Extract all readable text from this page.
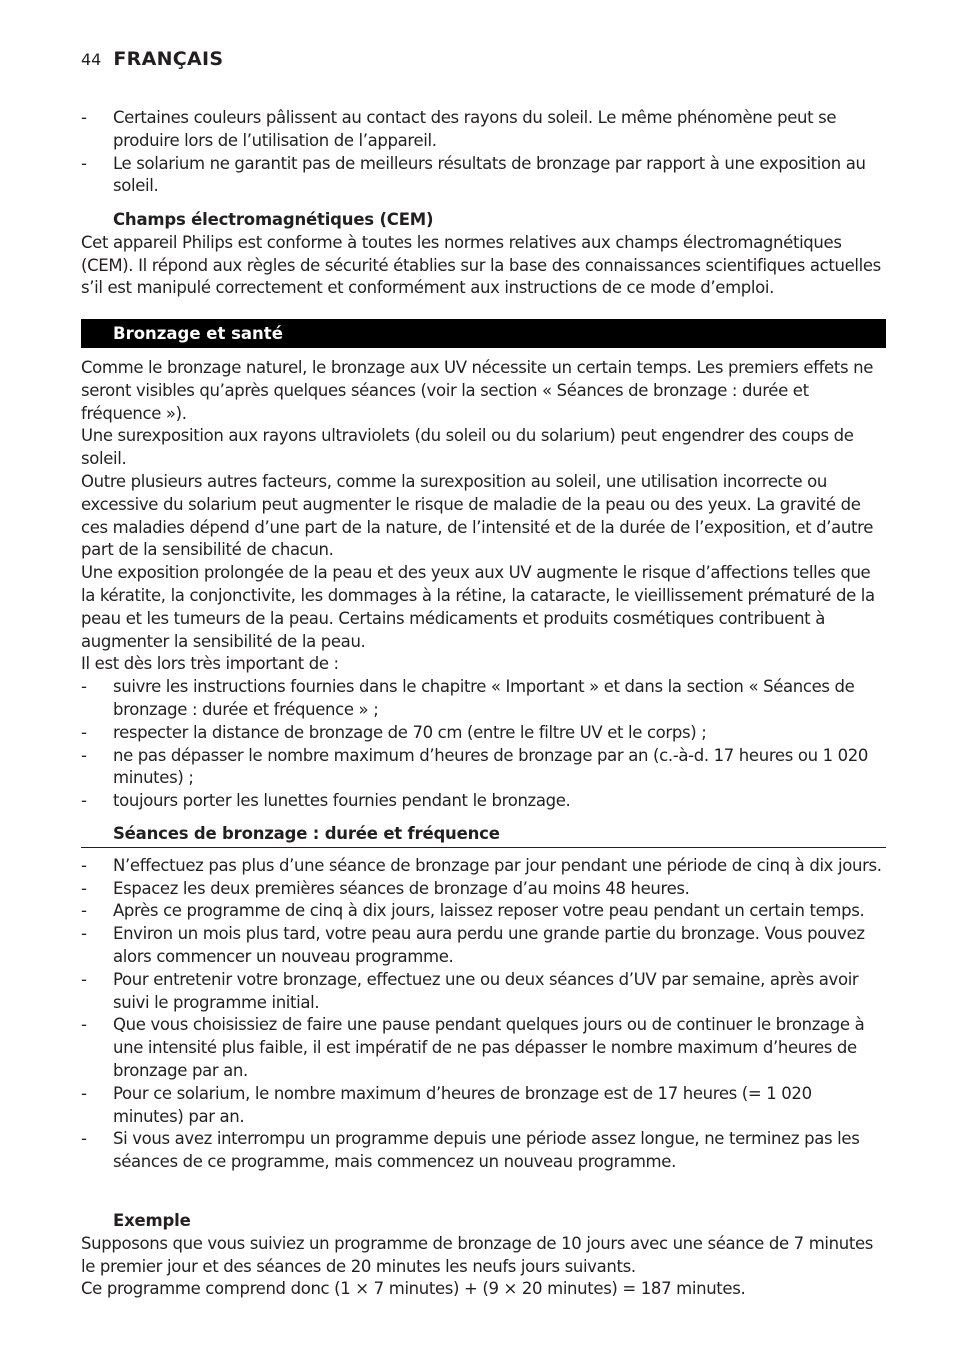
44 FRANÇAIS
- Certaines couleurs pâlissent au contact des rayons du soleil. Le même phénomène peut se produire lors de l’utilisation de l’appareil.
- Le solarium ne garantit pas de meilleurs résultats de bronzage par rapport à une exposition au soleil.
Champs électromagnétiques (CEM)

Cet appareil Philips est conforme à toutes les normes relatives aux champs électromagnétiques (CEM). Il répond aux règles de sécurité établies sur la base des connaissances scientifiques actuelles s’il est manipulé correctement et conformément aux instructions de ce mode d’emploi.

Bronzage et santé

Comme le bronzage naturel, le bronzage aux UV nécessite un certain temps. Les premiers effets ne seront visibles qu’après quelques séances (voir la section « Séances de bronzage : durée et fréquence »).

Une surexposition aux rayons ultraviolets (du soleil ou du solarium) peut engendrer des coups de soleil.

Outre plusieurs autres facteurs, comme la surexposition au soleil, une utilisation incorrecte ou excessive du solarium peut augmenter le risque de maladie de la peau ou des yeux. La gravité de ces maladies dépend d’une part de la nature, de l’intensité et de la durée de l’exposition, et d’autre part de la sensibilité de chacun.

Une exposition prolongée de la peau et des yeux aux UV augmente le risque d’affections telles que la kératite, la conjonctivite, les dommages à la rétine, la cataracte, le vieillissement prématuré de la peau et les tumeurs de la peau. Certains médicaments et produits cosmétiques contribuent à augmenter la sensibilité de la peau.

Il est dès lors très important de :

- suivre les instructions fournies dans le chapitre « Important » et dans la section « Séances de bronzage : durée et fréquence » ;
- respecter la distance de bronzage de 70 cm (entre le filtre UV et le corps) ;
- ne pas dépasser le nombre maximum d’heures de bronzage par an (c.-à-d. 17 heures ou 1 020 minutes) ;
- toujours porter les lunettes fournies pendant le bronzage.
Séances de bronzage : durée et fréquence
- N’effectuez pas plus d’une séance de bronzage par jour pendant une période de cinq à dix jours.
- Espacez les deux premières séances de bronzage d’au moins 48 heures.
- Après ce programme de cinq à dix jours, laissez reposer votre peau pendant un certain temps.
- Environ un mois plus tard, votre peau aura perdu une grande partie du bronzage. Vous pouvez alors commencer un nouveau programme.
- Pour entretenir votre bronzage, effectuez une ou deux séances d’UV par semaine, après avoir suivi le programme initial.
- Que vous choisissiez de faire une pause pendant quelques jours ou de continuer le bronzage à une intensité plus faible, il est impératif de ne pas dépasser le nombre maximum d’heures de bronzage par an.
- Pour ce solarium, le nombre maximum d’heures de bronzage est de 17 heures (= 1 020 minutes) par an.
- Si vous avez interrompu un programme depuis une période assez longue, ne terminez pas les séances de ce programme, mais commencez un nouveau programme.
Exemple

Supposons que vous suiviez un programme de bronzage de 10 jours avec une séance de 7 minutes le premier jour et des séances de 20 minutes les neufs jours suivants.

Ce programme comprend donc (1 × 7 minutes) + (9 × 20 minutes) = 187 minutes.
